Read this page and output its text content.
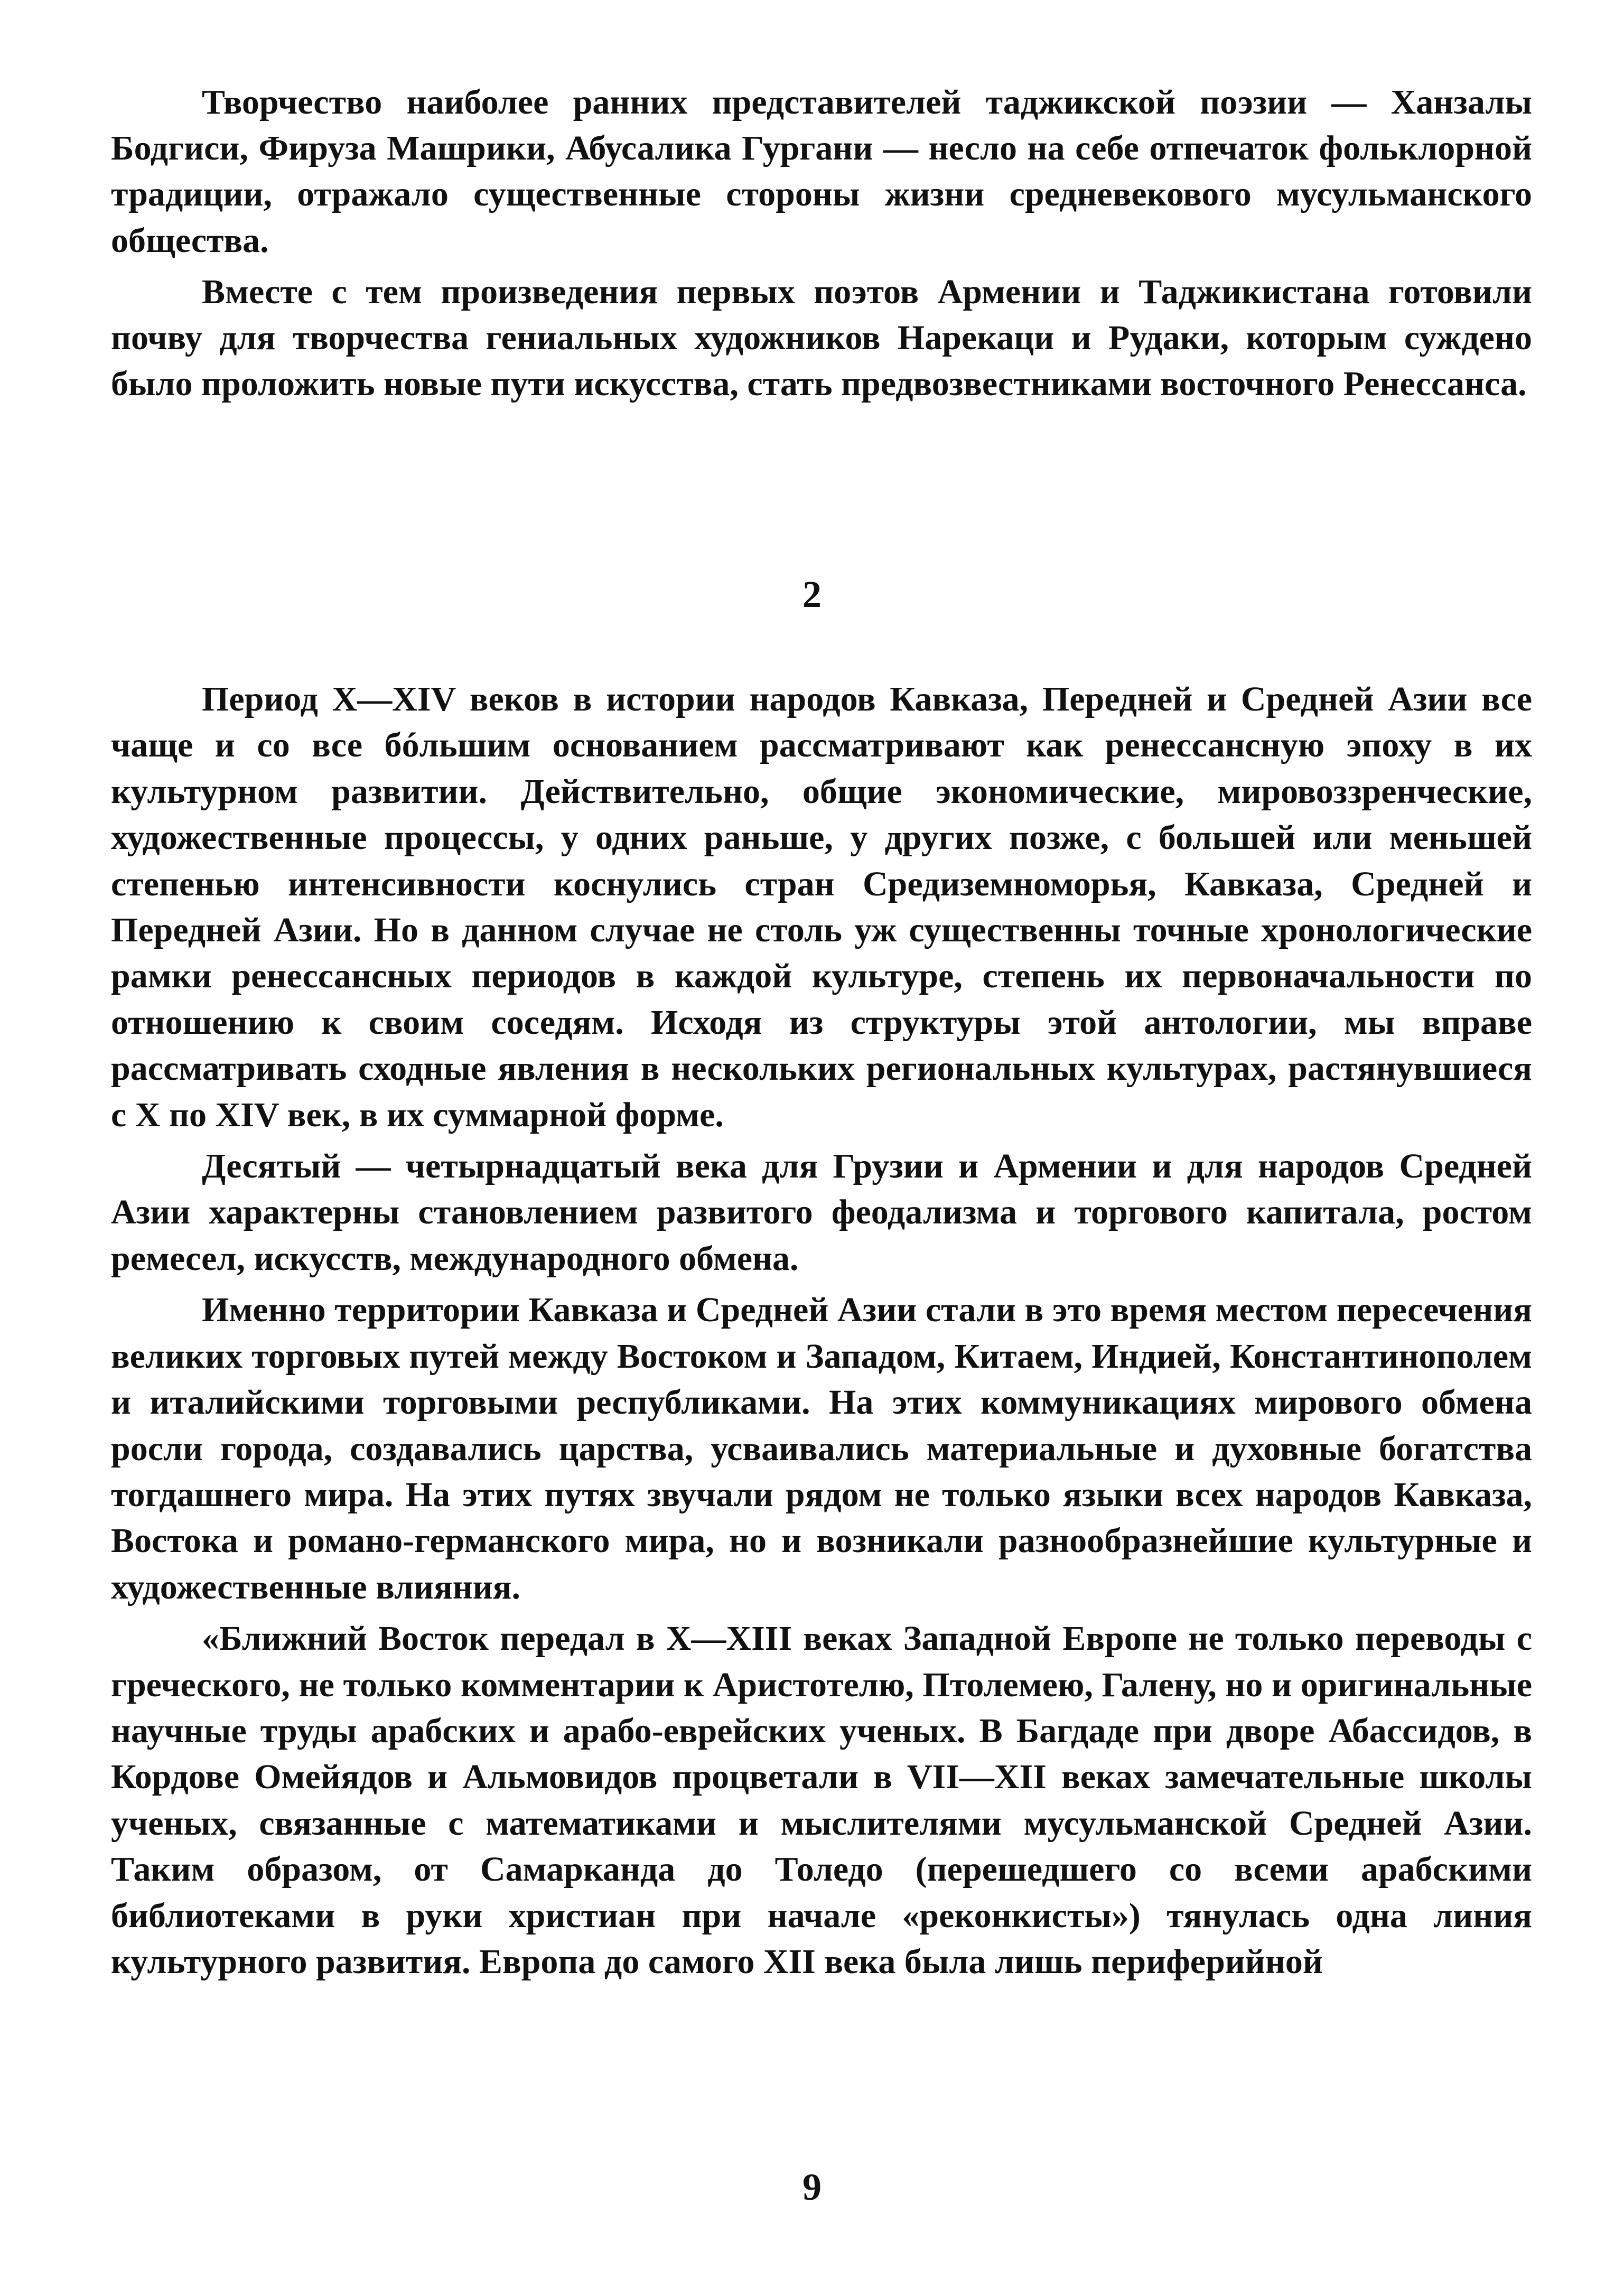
Творчество наиболее ранних представителей таджикской поэзии — Ханзалы Бодгиси, Фируза Машрики, Абусалика Гургани — несло на себе отпечаток фольклорной традиции, отражало существенные стороны жизни средневекового мусульманского общества.

Вместе с тем произведения первых поэтов Армении и Таджикистана готовили почву для творчества гениальных художников Нарекаци и Рудаки, которым суждено было проложить новые пути искусства, стать предвозвестниками восточного Ренессанса.

2

Период X—XIV веков в истории народов Кавказа, Передней и Средней Азии все чаще и со все бóльшим основанием рассматривают как ренессансную эпоху в их культурном развитии. Действительно, общие экономические, мировоззренческие, художественные процессы, у одних раньше, у других позже, с большей или меньшей степенью интенсивности коснулись стран Средиземноморья, Кавказа, Средней и Передней Азии. Но в данном случае не столь уж существенны точные хронологические рамки ренессансных периодов в каждой культуре, степень их первоначальности по отношению к своим соседям. Исходя из структуры этой антологии, мы вправе рассматривать сходные явления в нескольких региональных культурах, растянувшиеся с X по XIV век, в их суммарной форме.

Десятый — четырнадцатый века для Грузии и Армении и для народов Средней Азии характерны становлением развитого феодализма и торгового капитала, ростом ремесел, искусств, международного обмена.

Именно территории Кавказа и Средней Азии стали в это время местом пересечения великих торговых путей между Востоком и Западом, Китаем, Индией, Константинополем и италийскими торговыми республиками. На этих коммуникациях мирового обмена росли города, создавались царства, усваивались материальные и духовные богатства тогдашнего мира. На этих путях звучали рядом не только языки всех народов Кавказа, Востока и романо-германского мира, но и возникали разнообразнейшие культурные и художественные влияния.

«Ближний Восток передал в X—XIII веках Западной Европе не только переводы с греческого, не только комментарии к Аристотелю, Птолемею, Галену, но и оригинальные научные труды арабских и арабо-еврейских ученых. В Багдаде при дворе Абассидов, в Кордове Омейядов и Альмовидов процветали в VII—XII веках замечательные школы ученых, связанные с математиками и мыслителями мусульманской Средней Азии. Таким образом, от Самарканда до Толедо (перешедшего со всеми арабскими библиотеками в руки христиан при начале «реконкисты») тянулась одна линия культурного развития. Европа до самого XII века была лишь периферийной

9
